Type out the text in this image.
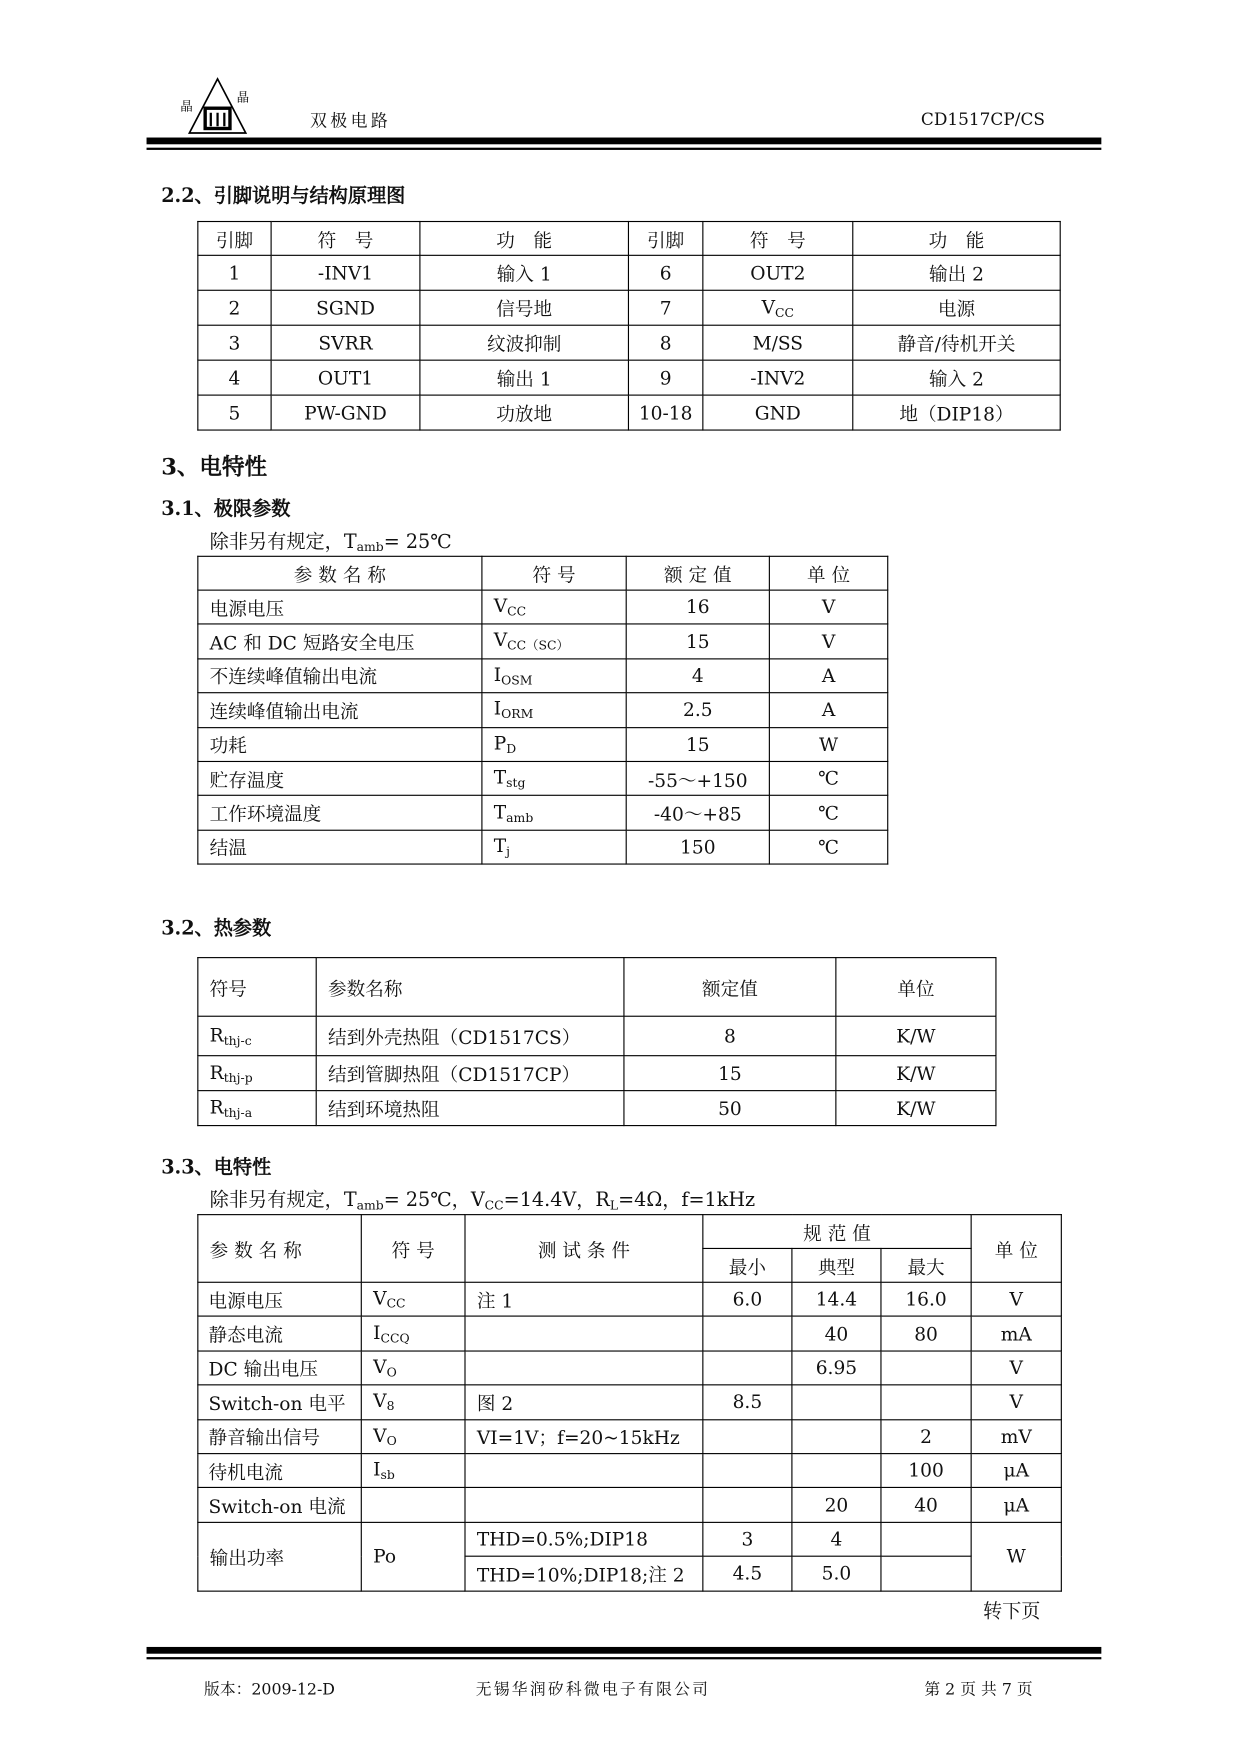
晶
晶
双极电路	CD1517CP/CS
2.2、引脚说明与结构原理图
引脚	符　号	功　能	引脚	符　号	功　能
1	-INV1	输入 1	6	OUT2	输出 2
2	SGND	信号地	7	$V_{CC}$	电源
3	SVRR	纹波抑制	8	M/SS	静音/待机开关
4	OUT1	输出 1	9	-INV2	输入 2
5	PW-GND	功放地	10-18	GND	地（DIP18）
3、电特性
3.1、极限参数
除非另有规定，$T_{amb}=$ 25℃
参 数 名 称	符 号	额 定 值	单 位
电源电压	$V_{CC}$	16	V
AC 和 DC 短路安全电压	$V_{CC(SC)}$	15	V
不连续峰值输出电流	$I_{OSM}$	4	A
连续峰值输出电流	$I_{ORM}$	2.5	A
功耗	$P_D$	15	W
贮存温度	$T_{stg}$	-55～+150	℃
工作环境温度	$T_{amb}$	-40～+85	℃
结温	$T_j$	150	℃
3.2、热参数
符号	参数名称	额定值	单位
$R_{thj-c}$	结到外壳热阻（CD1517CS）	8	K/W
$R_{thj-p}$	结到管脚热阻（CD1517CP）	15	K/W
$R_{thj-a}$	结到环境热阻	50	K/W
3.3、电特性
除非另有规定，$T_{amb}=$ 25℃，$V_{CC}=14.4V$，$R_L=4\Omega$，f=1kHz
参 数 名 称	符 号	测 试 条 件	规 范 值			单 位
			最小	典型	最大	
电源电压	$V_{CC}$	注 1	6.0	14.4	16.0	V
静态电流	$I_{CCQ}$			40	80	mA
DC 输出电压	$V_O$			6.95		V
Switch-on 电平	$V_8$	图 2	8.5			V
静音输出信号	$V_O$	VI=1V；f=20~15kHz			2	mV
待机电流	$I_{sb}$				100	μA
Switch-on 电流				20	40	μA
输出功率	Po	THD=0.5%;DIP18	3	4		W
		THD=10%;DIP18;注 2	4.5	5.0		
转下页
版本：2009-12-D	无锡华润矽科微电子有限公司	第 2 页 共 7 页
